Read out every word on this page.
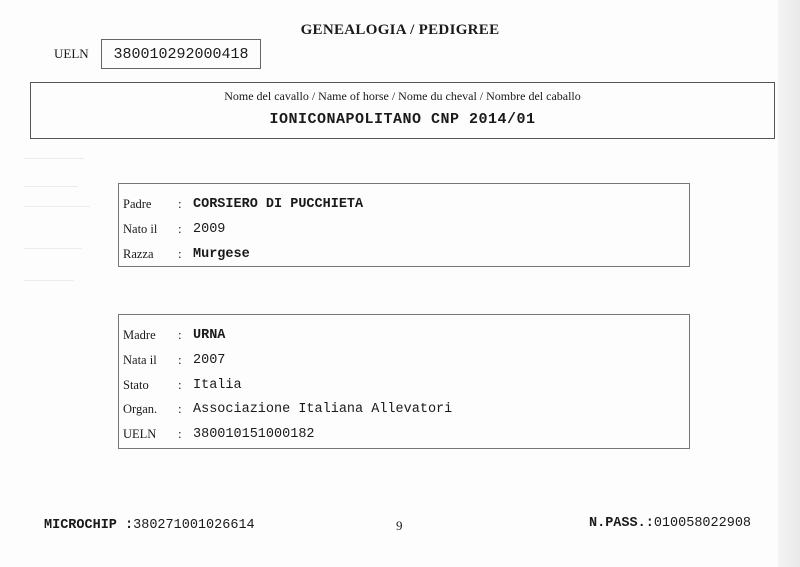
GENEALOGIA / PEDIGREE
UELN 380010292000418
Nome del cavallo / Name of horse / Nome du cheval / Nombre del caballo
IONICONAPOLITANO CNP 2014/01
Padre : CORSIERO DI PUCCHIETA
Nato il : 2009
Razza : Murgese
Madre : URNA
Nata il : 2007
Stato : Italia
Organ. : Associazione Italiana Allevatori
UELN : 380010151000182
MICROCHIP :380271001026614	9	N.PASS.:010058022908
